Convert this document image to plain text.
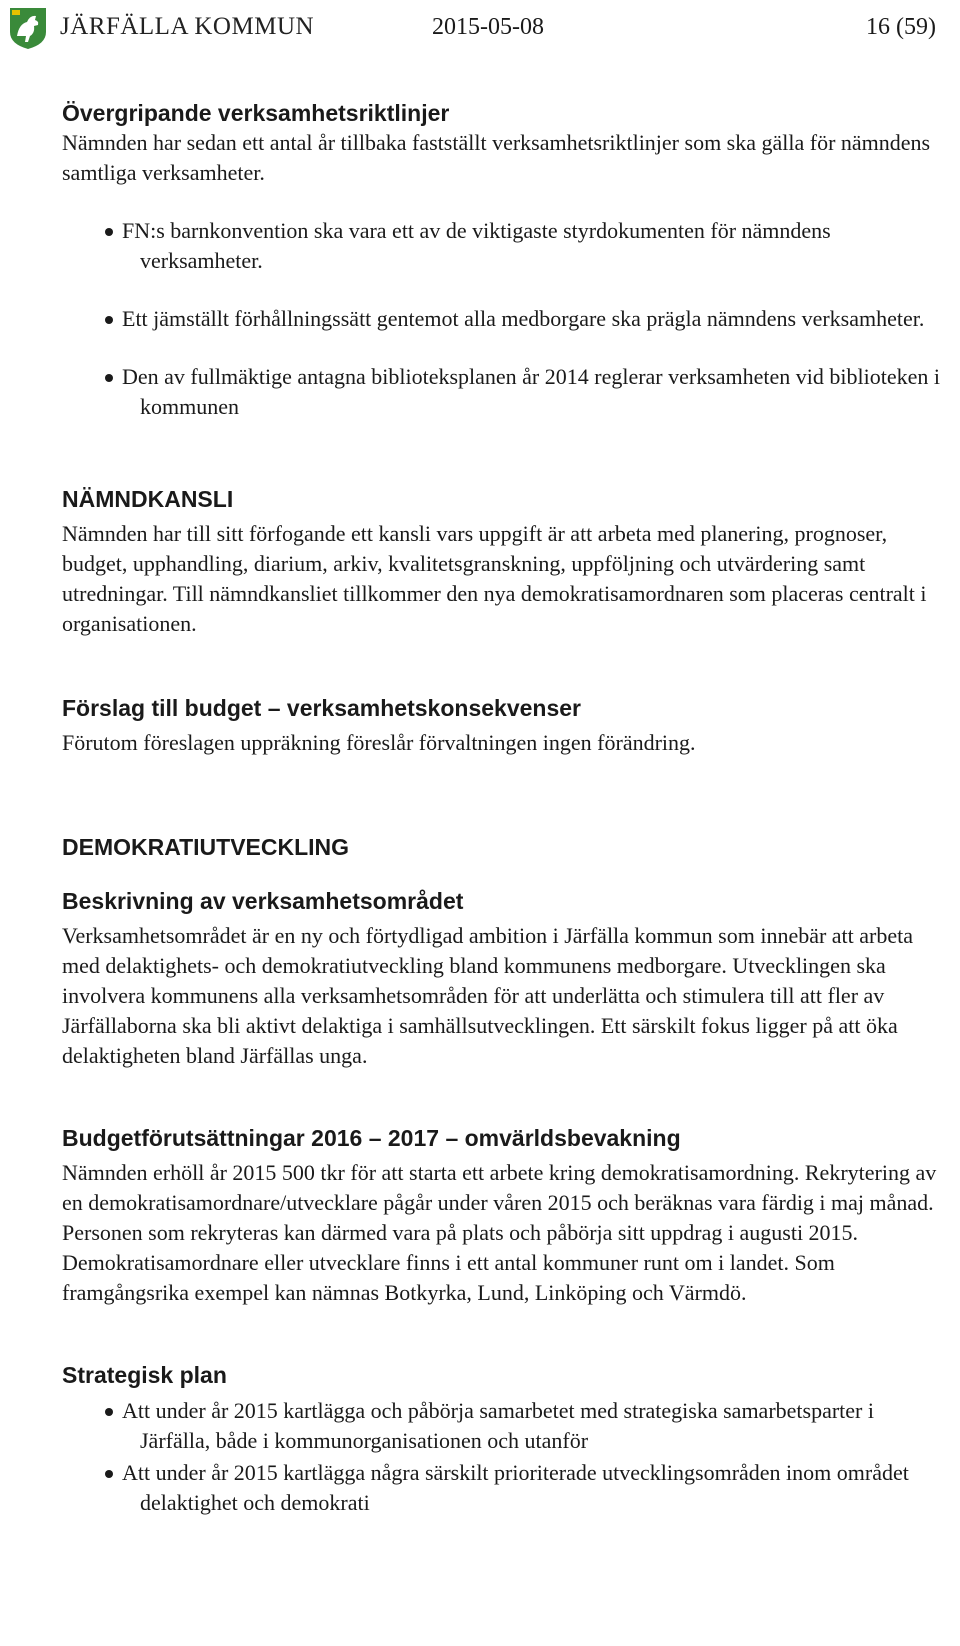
JÄRFÄLLA KOMMUN	2015-05-08	16 (59)
Övergripande verksamhetsriktlinjer

Nämnden har sedan ett antal år tillbaka fastställt verksamhetsriktlinjer som ska gälla för nämndens samtliga verksamheter.

FN:s barnkonvention ska vara ett av de viktigaste styrdokumenten för nämndens verksamheter.
Ett jämställt förhållningssätt gentemot alla medborgare ska prägla nämndens verksamheter.
Den av fullmäktige antagna biblioteksplanen år 2014 reglerar verksamheten vid biblioteken i kommunen
NÄMNDKANSLI

Nämnden har till sitt förfogande ett kansli vars uppgift är att arbeta med planering, prognoser, budget, upphandling, diarium, arkiv, kvalitetsgranskning, uppföljning och utvärdering samt utredningar. Till nämndkansliet tillkommer den nya demokratisamordnaren som placeras centralt i organisationen.

Förslag till budget – verksamhetskonsekvenser

Förutom föreslagen uppräkning föreslår förvaltningen ingen förändring.

DEMOKRATIUTVECKLING
Beskrivning av verksamhetsområdet

Verksamhetsområdet är en ny och förtydligad ambition i Järfälla kommun som innebär att arbeta med delaktighets- och demokratiutveckling bland kommunens medborgare. Utvecklingen ska involvera kommunens alla verksamhetsområden för att underlätta och stimulera till att fler av Järfällaborna ska bli aktivt delaktiga i samhällsutvecklingen. Ett särskilt fokus ligger på att öka delaktigheten bland Järfällas unga.

Budgetförutsättningar 2016 – 2017 – omvärldsbevakning

Nämnden erhöll år 2015 500 tkr för att starta ett arbete kring demokratisamordning. Rekrytering av en demokratisamordnare/utvecklare pågår under våren 2015 och beräknas vara färdig i maj månad. Personen som rekryteras kan därmed vara på plats och påbörja sitt uppdrag i augusti 2015. Demokratisamordnare eller utvecklare finns i ett antal kommuner runt om i landet. Som framgångsrika exempel kan nämnas Botkyrka, Lund, Linköping och Värmdö.

Strategisk plan
Att under år 2015 kartlägga och påbörja samarbetet med strategiska samarbetsparter i Järfälla, både i kommunorganisationen och utanför
Att under år 2015 kartlägga några särskilt prioriterade utvecklingsområden inom området delaktighet och demokrati
